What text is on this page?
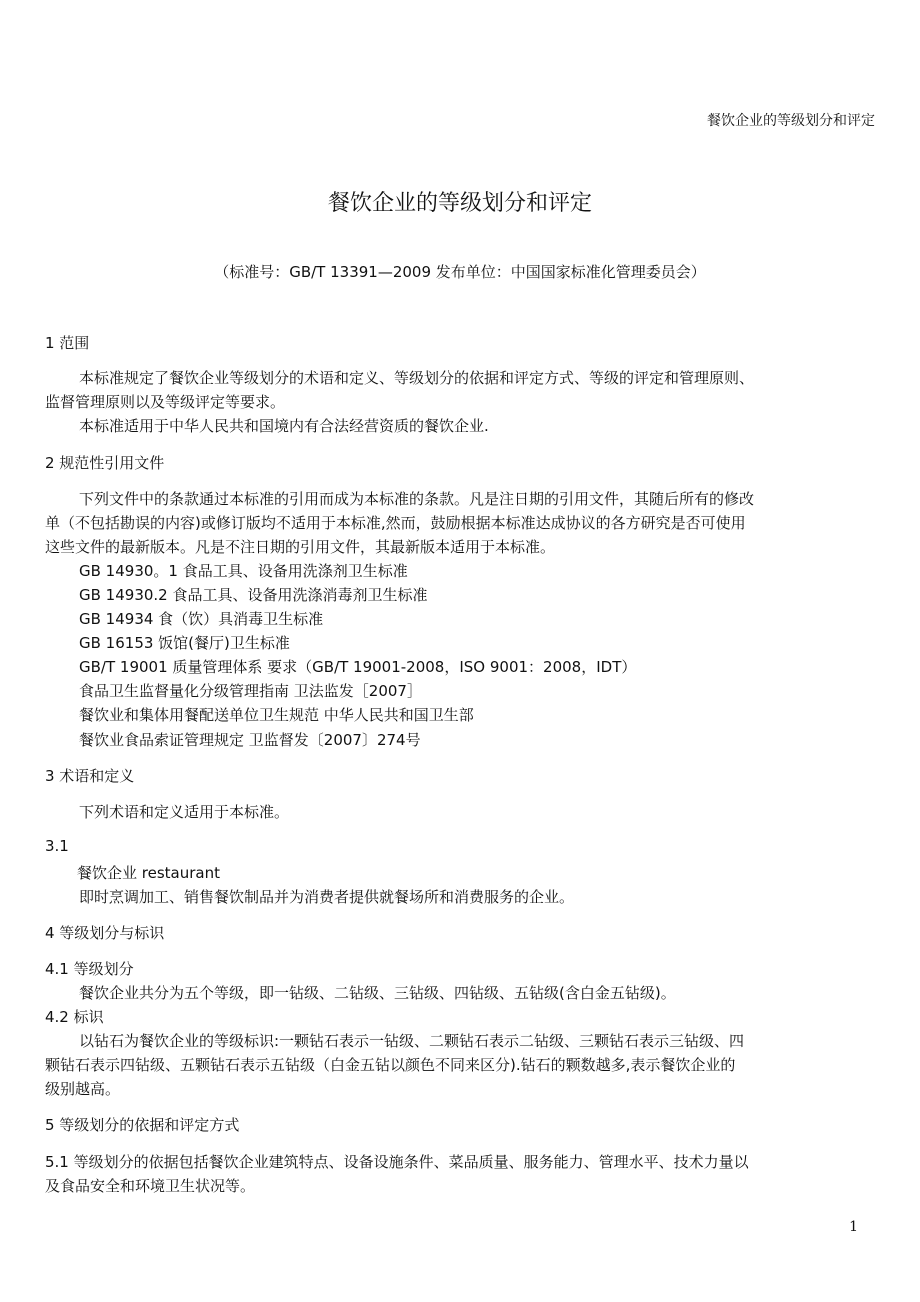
餐饮企业的等级划分和评定
餐饮企业的等级划分和评定
（标准号：GB/T 13391—2009 发布单位：中国国家标准化管理委员会）
1 范围
本标准规定了餐饮企业等级划分的术语和定义、等级划分的依据和评定方式、等级的评定和管理原则、
监督管理原则以及等级评定等要求。
本标准适用于中华人民共和国境内有合法经营资质的餐饮企业.
2 规范性引用文件
下列文件中的条款通过本标准的引用而成为本标准的条款。凡是注日期的引用文件，其随后所有的修改
单（不包括勘误的内容)或修订版均不适用于本标准,然而，鼓励根据本标准达成协议的各方研究是否可使用
这些文件的最新版本。凡是不注日期的引用文件，其最新版本适用于本标准。
GB 14930。1 食品工具、设备用洗涤剂卫生标准
GB 14930.2 食品工具、设备用洗涤消毒剂卫生标准
GB 14934 食（饮）具消毒卫生标准
GB 16153 饭馆(餐厅)卫生标准
GB/T 19001 质量管理体系 要求（GB/T 19001-2008，ISO 9001：2008，IDT）
食品卫生监督量化分级管理指南 卫法监发［2007］
餐饮业和集体用餐配送单位卫生规范 中华人民共和国卫生部
餐饮业食品索证管理规定 卫监督发〔2007〕274号
3 术语和定义
下列术语和定义适用于本标准。
3.1
餐饮企业 restaurant
即时烹调加工、销售餐饮制品并为消费者提供就餐场所和消费服务的企业。
4 等级划分与标识
4.1 等级划分
餐饮企业共分为五个等级，即一钻级、二钻级、三钻级、四钻级、五钻级(含白金五钻级)。
4.2 标识
以钻石为餐饮企业的等级标识:一颗钻石表示一钻级、二颗钻石表示二钻级、三颗钻石表示三钻级、四
颗钻石表示四钻级、五颗钻石表示五钻级（白金五钻以颜色不同来区分).钻石的颗数越多,表示餐饮企业的
级别越高。
5 等级划分的依据和评定方式
5.1 等级划分的依据包括餐饮企业建筑特点、设备设施条件、菜品质量、服务能力、管理水平、技术力量以
及食品安全和环境卫生状况等。
1
